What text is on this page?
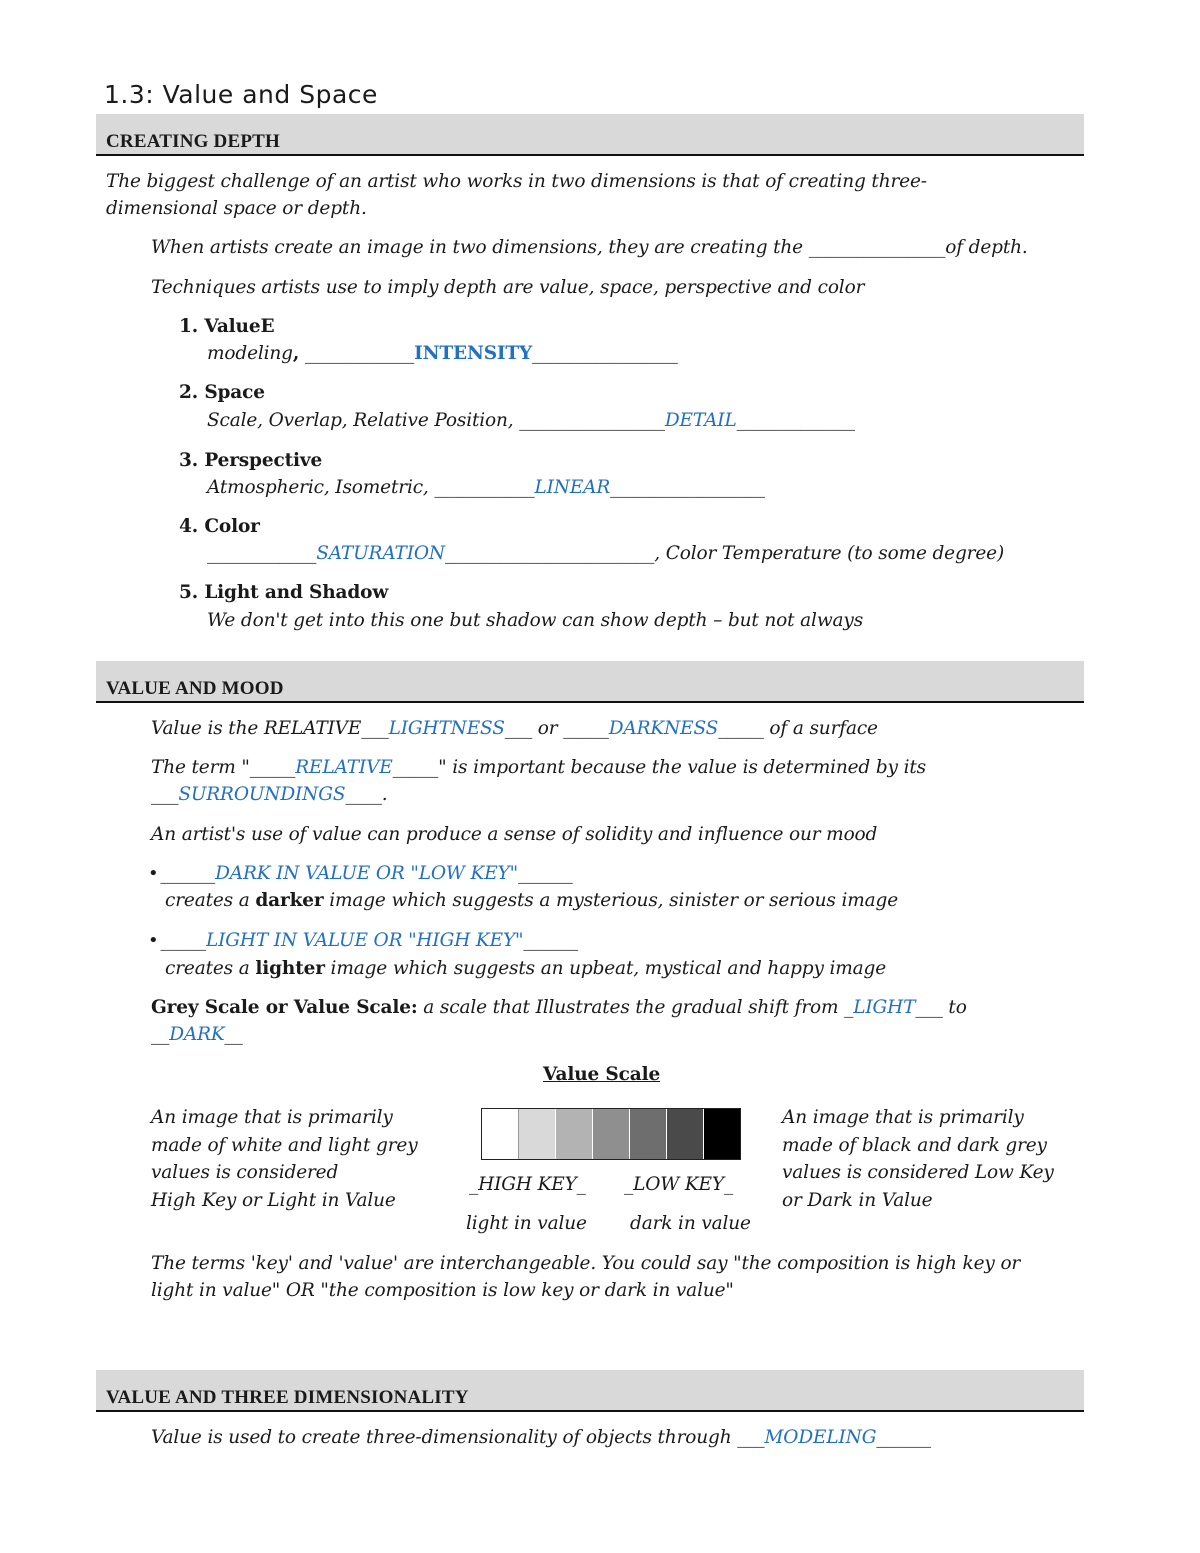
1.3: Value and Space
CREATING DEPTH
The biggest challenge of an artist who works in two dimensions is that of creating three-
dimensional space or depth.
When artists create an image in two dimensions, they are creating the _______________of depth.
Techniques artists use to imply depth are value, space, perspective and color
1. ValueE
modeling, ____________INTENSITY________________
2. Space
Scale, Overlap, Relative Position, ________________DETAIL_____________
3. Perspective
Atmospheric, Isometric, ___________LINEAR_________________
4. Color
____________SATURATION_______________________, Color Temperature (to some degree)
5. Light and Shadow
We don't get into this one but shadow can show depth – but not always
VALUE AND MOOD
Value is the RELATIVE___LIGHTNESS___ or _____DARKNESS_____ of a surface
The term "_____RELATIVE_____" is important because the value is determined by its
___SURROUNDINGS____.
An artist's use of value can produce a sense of solidity and influence our mood
• ______DARK IN VALUE OR "LOW KEY"______
creates a darker image which suggests a mysterious, sinister or serious image
• _____LIGHT IN VALUE OR "HIGH KEY"______
creates a lighter image which suggests an upbeat, mystical and happy image
Grey Scale or Value Scale: a scale that Illustrates the gradual shift from _LIGHT___ to
__DARK__
Value Scale
An image that is primarily
made of white and light grey
values is considered
High Key or Light in Value
_HIGH KEY_ _LOW KEY_
light in value dark in value
An image that is primarily
made of black and dark grey
values is considered Low Key
or Dark in Value
The terms 'key' and 'value' are interchangeable. You could say "the composition is high key or
light in value" OR "the composition is low key or dark in value"
VALUE AND THREE DIMENSIONALITY
Value is used to create three-dimensionality of objects through ___MODELING______
